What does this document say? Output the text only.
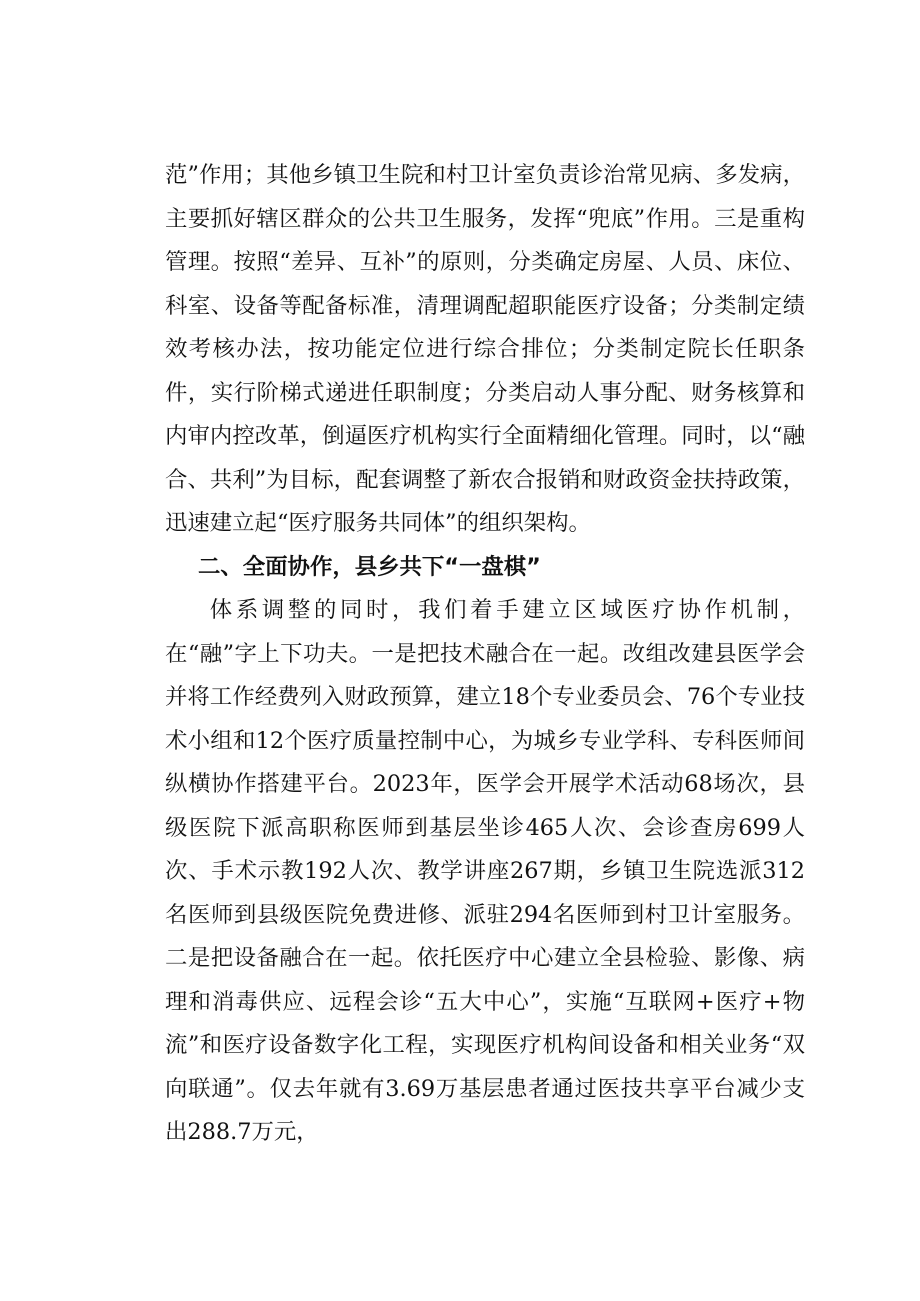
范”作用；其他乡镇卫生院和村卫计室负责诊治常见病、多发病，主要抓好辖区群众的公共卫生服务，发挥“兜底”作用。三是重构管理。按照“差异、互补”的原则，分类确定房屋、人员、床位、科室、设备等配备标准，清理调配超职能医疗设备；分类制定绩效考核办法，按功能定位进行综合排位；分类制定院长任职条件，实行阶梯式递进任职制度；分类启动人事分配、财务核算和内审内控改革，倒逼医疗机构实行全面精细化管理。同时，以“融合、共利”为目标，配套调整了新农合报销和财政资金扶持政策，迅速建立起“医疗服务共同体”的组织架构。

二、全面协作，县乡共下“一盘棋”

体系调整的同时，我们着手建立区域医疗协作机制，在“融”字上下功夫。一是把技术融合在一起。改组改建县医学会并将工作经费列入财政预算，建立18个专业委员会、76个专业技术小组和12个医疗质量控制中心，为城乡专业学科、专科医师间纵横协作搭建平台。2023年，医学会开展学术活动68场次，县级医院下派高职称医师到基层坐诊465人次、会诊查房699人次、手术示教192人次、教学讲座267期，乡镇卫生院选派312名医师到县级医院免费进修、派驻294名医师到村卫计室服务。二是把设备融合在一起。依托医疗中心建立全县检验、影像、病理和消毒供应、远程会诊“五大中心”，实施“互联网+医疗+物流”和医疗设备数字化工程，实现医疗机构间设备和相关业务“双向联通”。仅去年就有3.69万基层患者通过医技共享平台减少支出288.7万元，
